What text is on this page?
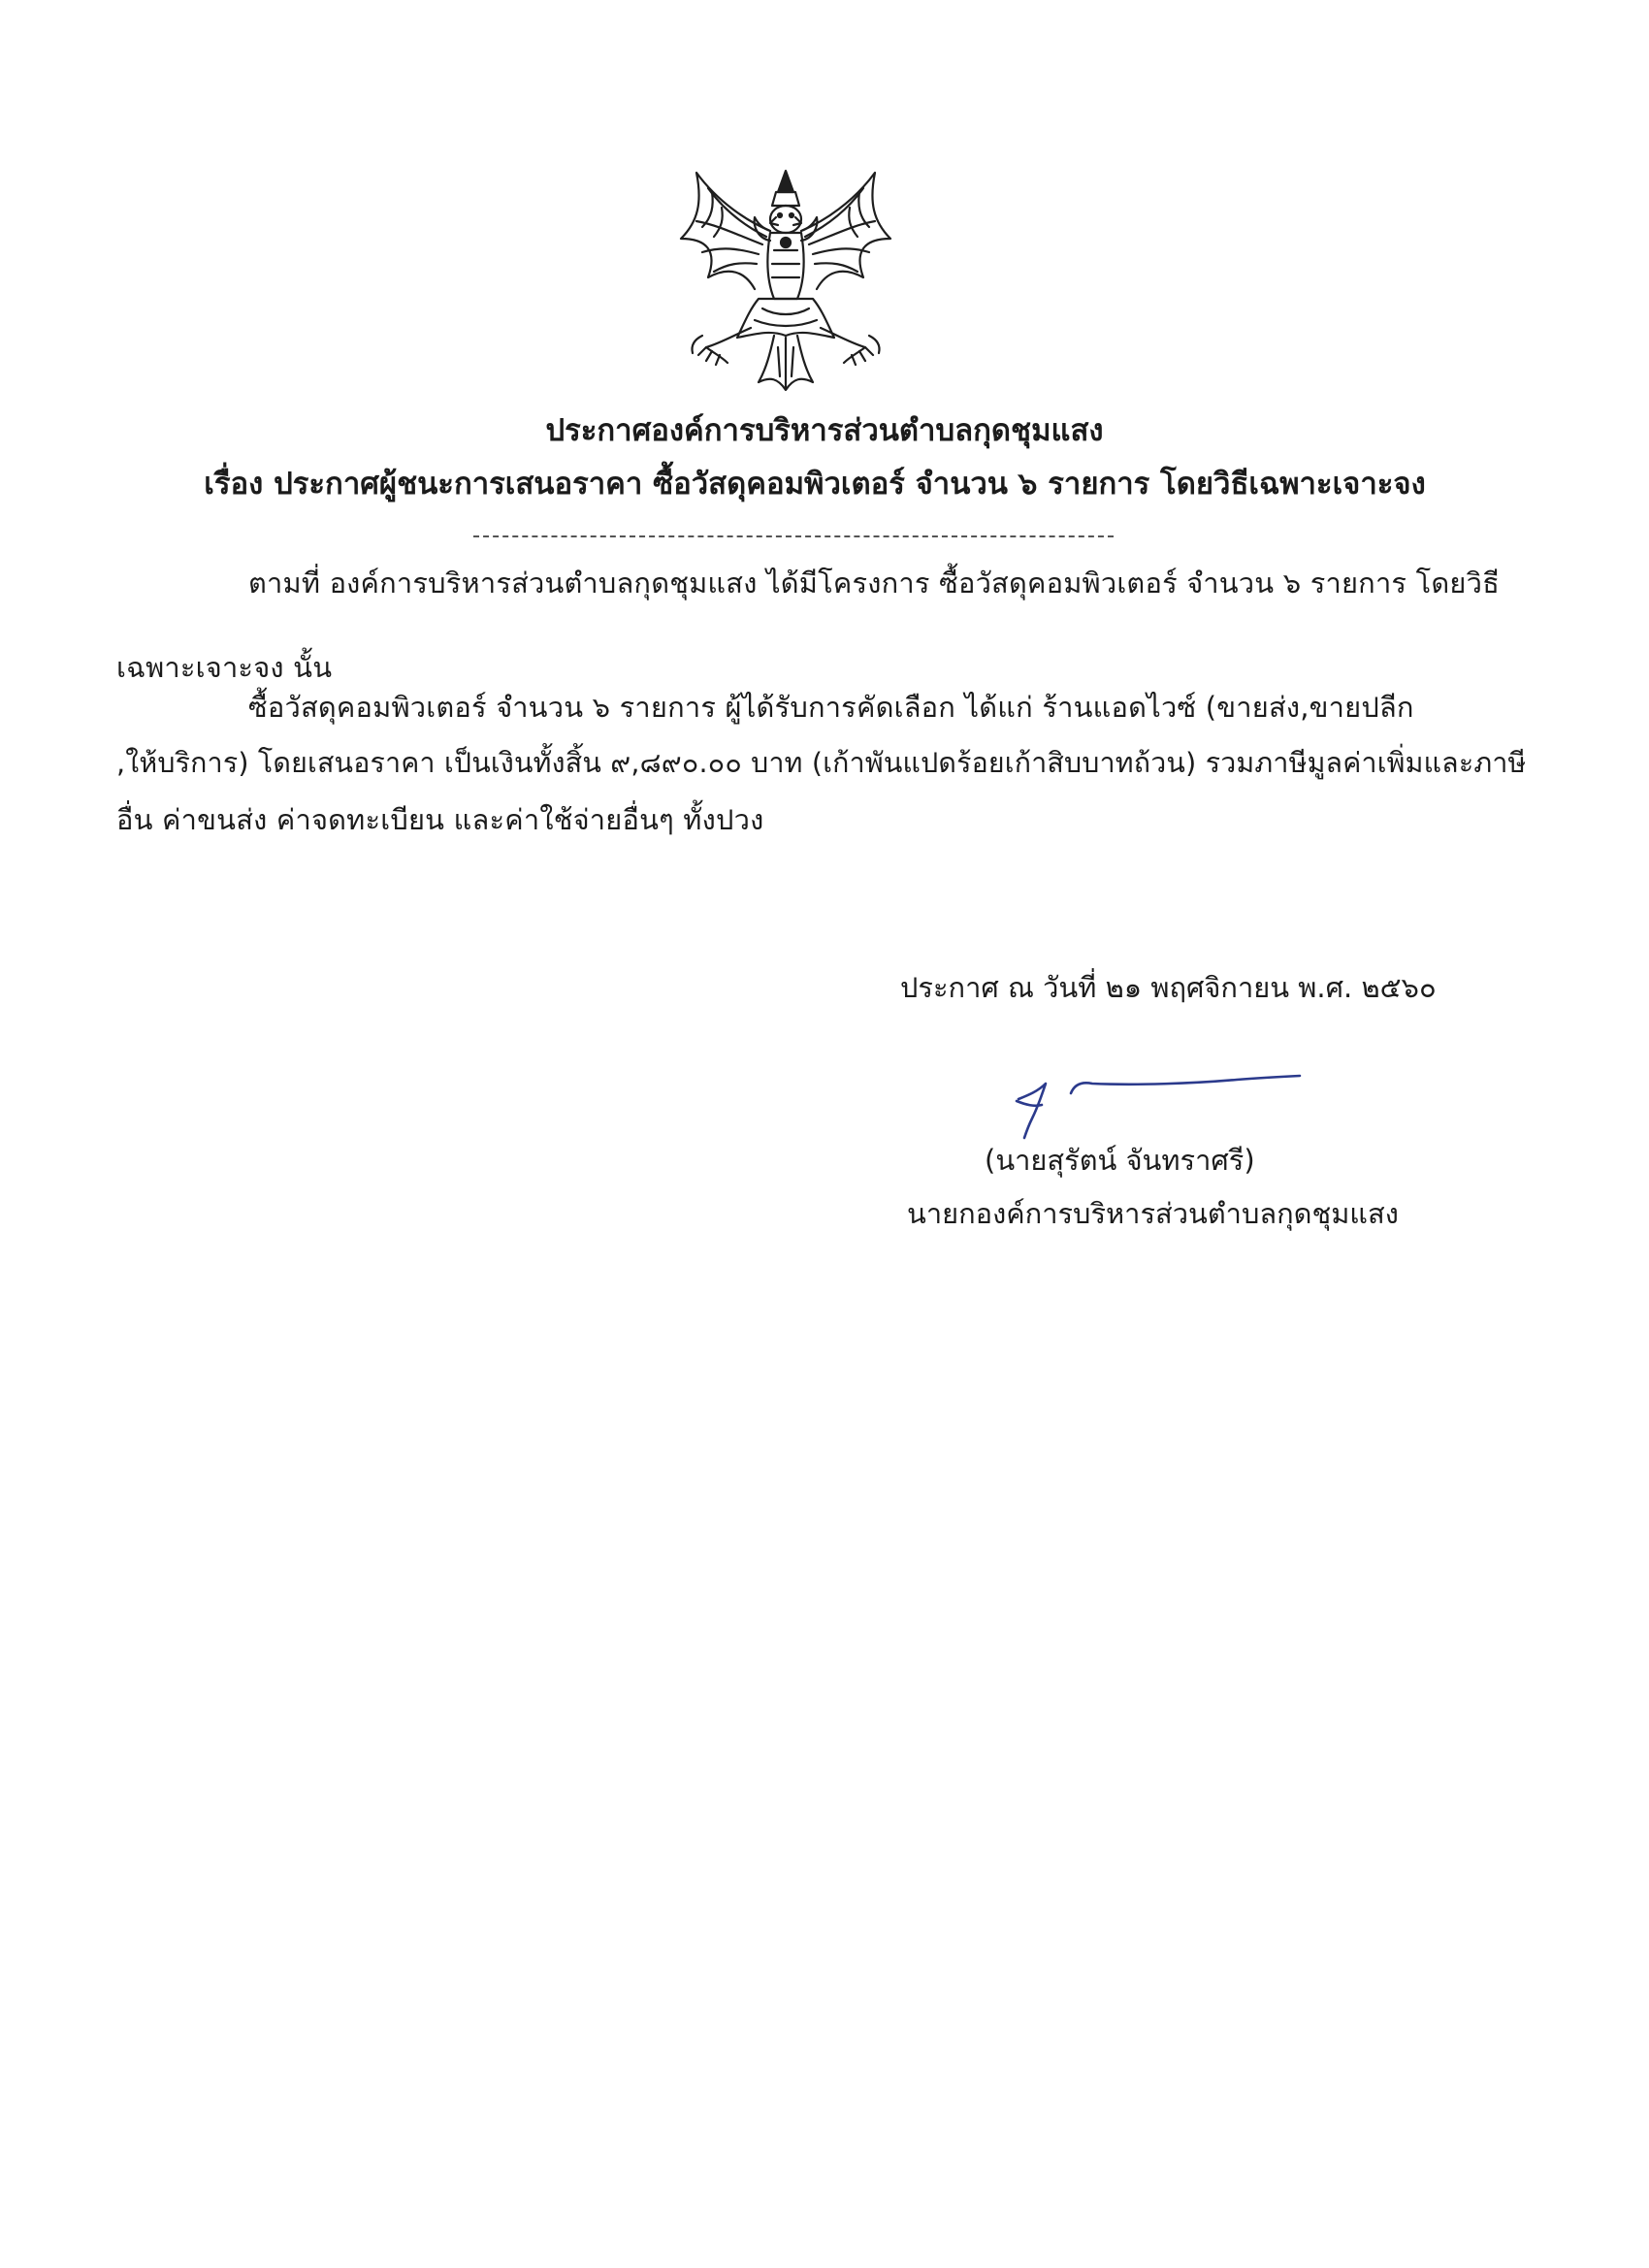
ประกาศองค์การบริหารส่วนตำบลกุดชุมแสง
เรื่อง ประกาศผู้ชนะการเสนอราคา ซื้อวัสดุคอมพิวเตอร์ จำนวน ๖ รายการ โดยวิธีเฉพาะเจาะจง
ตามที่ องค์การบริหารส่วนตำบลกุดชุมแสง ได้มีโครงการ ซื้อวัสดุคอมพิวเตอร์ จำนวน ๖ รายการ โดยวิธี
เฉพาะเจาะจง นั้น
ซื้อวัสดุคอมพิวเตอร์ จำนวน ๖ รายการ ผู้ได้รับการคัดเลือก ได้แก่ ร้านแอดไวซ์ (ขายส่ง,ขายปลีก
,ให้บริการ) โดยเสนอราคา เป็นเงินทั้งสิ้น ๙,๘๙๐.๐๐ บาท (เก้าพันแปดร้อยเก้าสิบบาทถ้วน) รวมภาษีมูลค่าเพิ่มและภาษี
อื่น ค่าขนส่ง ค่าจดทะเบียน และค่าใช้จ่ายอื่นๆ ทั้งปวง
ประกาศ ณ วันที่ ๒๑ พฤศจิกายน พ.ศ. ๒๕๖๐
(นายสุรัตน์ จันทราศรี)
นายกองค์การบริหารส่วนตำบลกุดชุมแสง
